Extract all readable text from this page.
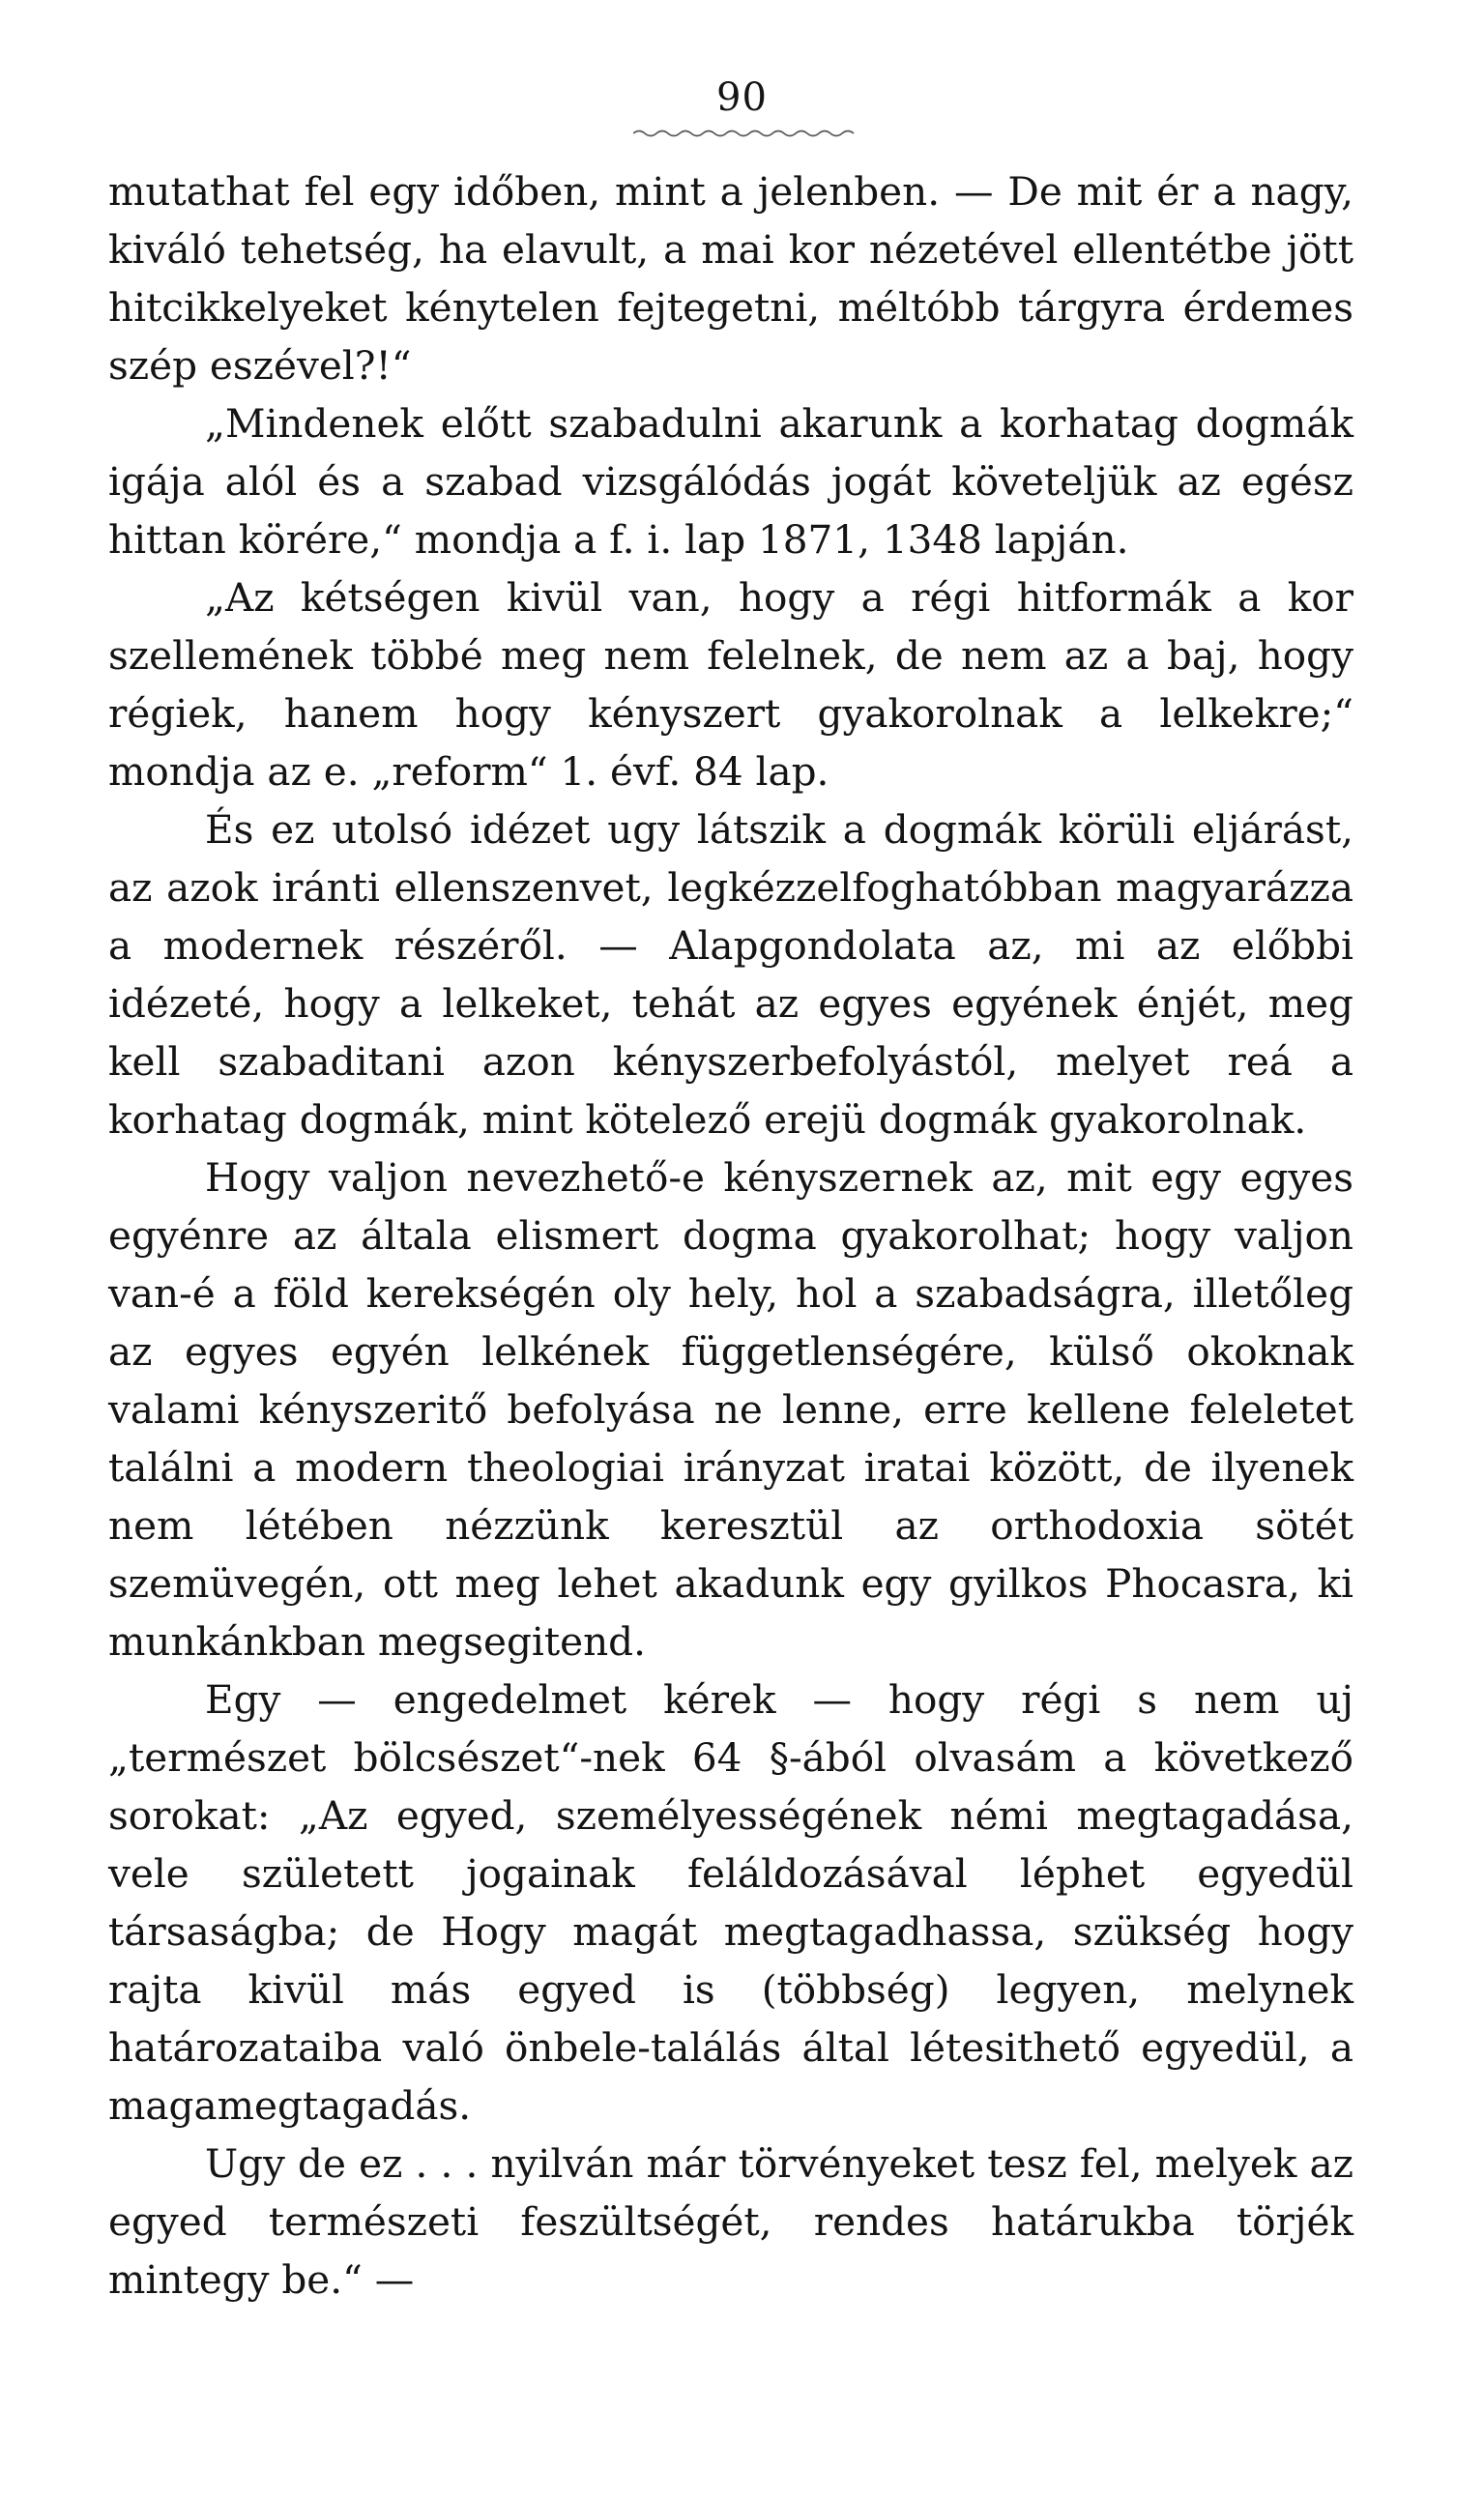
90

mutathat fel egy időben, mint a jelenben. — De mit ér a nagy, kiváló tehetség, ha elavult, a mai kor nézetével ellentétbe jött hitcikkelyeket kénytelen fejtegetni, méltóbb tárgyra érdemes szép eszével?!“

„Mindenek előtt szabadulni akarunk a korhatag dogmák igája alól és a szabad vizsgálódás jogát követeljük az egész hittan körére,“ mondja a f. i. lap 1871, 1348 lapján.

„Az kétségen kivül van, hogy a régi hitformák a kor szellemének többé meg nem felelnek, de nem az a baj, hogy régiek, hanem hogy kényszert gyakorolnak a lelkekre;“ mondja az e. „reform“ 1. évf. 84 lap.

És ez utolsó idézet ugy látszik a dogmák körüli eljárást, az azok iránti ellenszenvet, legkézzelfoghatóbban magyarázza a modernek részéről. — Alapgondolata az, mi az előbbi idézeté, hogy a lelkeket, tehát az egyes egyének énjét, meg kell szabaditani azon kényszerbefolyástól, melyet reá a korhatag dogmák, mint kötelező erejü dogmák gyakorolnak.

Hogy valjon nevezhető-e kényszernek az, mit egy egyes egyénre az általa elismert dogma gyakorolhat; hogy valjon van-é a föld kerekségén oly hely, hol a szabadságra, illetőleg az egyes egyén lelkének függetlenségére, külső okoknak valami kényszeritő befolyása ne lenne, erre kellene feleletet találni a modern theologiai irányzat iratai között, de ilyenek nem létében nézzünk keresztül az orthodoxia sötét szemüvegén, ott meg lehet akadunk egy gyilkos Phocasra, ki munkánkban megsegitend.

Egy — engedelmet kérek — hogy régi s nem uj „természet bölcsészet“-nek 64 §-ából olvasám a következő sorokat: „Az egyed, személyességének némi megtagadása, vele született jogainak feláldozásával léphet egyedül társaságba; de Hogy magát megtagadhassa, szükség hogy rajta kivül más egyed is (többség) legyen, melynek határozataiba való önbele-találás által létesithető egyedül, a magamegtagadás.

Ugy de ez . . . nyilván már törvényeket tesz fel, melyek az egyed természeti feszültségét, rendes határukba törjék mintegy be.“ —
